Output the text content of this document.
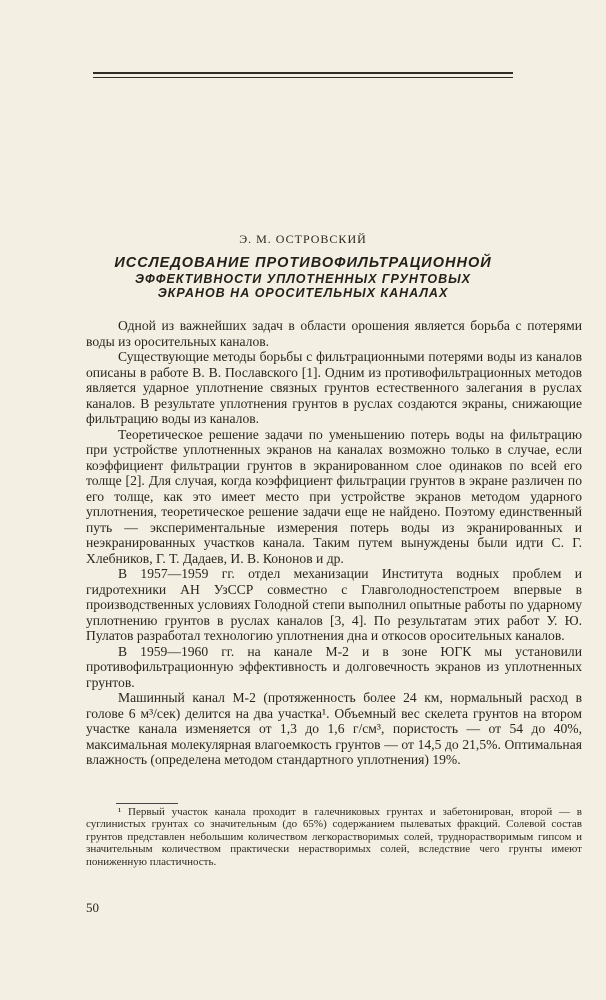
Э. М. ОСТРОВСКИЙ
ИССЛЕДОВАНИЕ ПРОТИВОФИЛЬТРАЦИОННОЙ
ЭФФЕКТИВНОСТИ УПЛОТНЕННЫХ ГРУНТОВЫХ
ЭКРАНОВ НА ОРОСИТЕЛЬНЫХ КАНАЛАХ

Одной из важнейших задач в области орошения является борьба с потерями воды из оросительных каналов.

Существующие методы борьбы с фильтрационными потерями воды из каналов описаны в работе В. В. Пославского [1]. Одним из противофильтрационных методов является ударное уплотнение связных грунтов естественного залегания в руслах каналов. В результате уплотнения грунтов в руслах создаются экраны, снижающие фильтрацию воды из каналов.

Теоретическое решение задачи по уменьшению потерь воды на фильтрацию при устройстве уплотненных экранов на каналах возможно только в случае, если коэффициент фильтрации грунтов в экранированном слое одинаков по всей его толще [2]. Для случая, когда коэффициент фильтрации грунтов в экране различен по его толще, как это имеет место при устройстве экранов методом ударного уплотнения, теоретическое решение задачи еще не найдено. Поэтому единственный путь — экспериментальные измерения потерь воды из экранированных и неэкранированных участков канала. Таким путем вынуждены были идти С. Г. Хлебников, Г. Т. Дадаев, И. В. Кононов и др.

В 1957—1959 гг. отдел механизации Института водных проблем и гидротехники АН УзССР совместно с Главголодностепстроем впервые в производственных условиях Голодной степи выполнил опытные работы по ударному уплотнению грунтов в руслах каналов [3, 4]. По результатам этих работ У. Ю. Пулатов разработал технологию уплотнения дна и откосов оросительных каналов.

В 1959—1960 гг. на канале М-2 и в зоне ЮГК мы установили противофильтрационную эффективность и долговечность экранов из уплотненных грунтов.

Машинный канал М-2 (протяженность более 24 км, нормальный расход в голове 6 м³/сек) делится на два участка¹. Объемный вес скелета грунтов на втором участке канала изменяется от 1,3 до 1,6 г/см³, пористость — от 54 до 40%, максимальная молекулярная влагоемкость грунтов — от 14,5 до 21,5%. Оптимальная влажность (определена методом стандартного уплотнения) 19%.

¹ Первый участок канала проходит в галечниковых грунтах и забетонирован, второй — в суглинистых грунтах со значительным (до 65%) содержанием пылеватых фракций. Солевой состав грунтов представлен небольшим количеством легкорастворимых солей, труднорастворимым гипсом и значительным количеством практически нерастворимых солей, вследствие чего грунты имеют пониженную пластичность.
50
